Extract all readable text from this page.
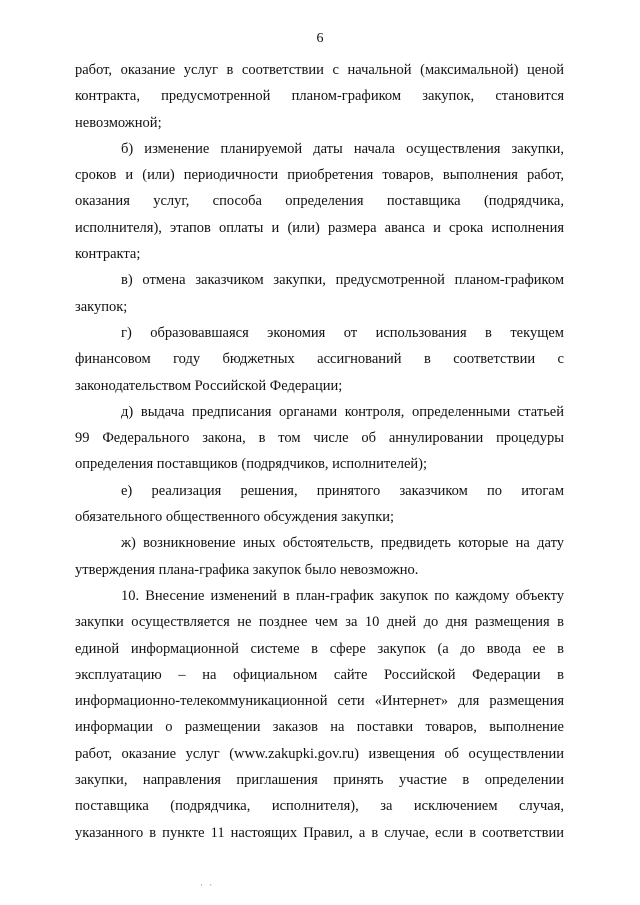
6
работ, оказание услуг в соответствии с начальной (максимальной) ценой
контракта, предусмотренной планом-графиком закупок, становится
невозможной;
б) изменение планируемой даты начала осуществления закупки,
сроков и (или) периодичности приобретения товаров, выполнения работ,
оказания услуг, способа определения поставщика (подрядчика,
исполнителя), этапов оплаты и (или) размера аванса и срока исполнения
контракта;
в) отмена заказчиком закупки, предусмотренной планом-графиком
закупок;
г) образовавшаяся экономия от использования в текущем
финансовом году бюджетных ассигнований в соответствии с
законодательством Российской Федерации;
д) выдача предписания органами контроля, определенными статьей
99 Федерального закона, в том числе об аннулировании процедуры
определения поставщиков (подрядчиков, исполнителей);
е) реализация решения, принятого заказчиком по итогам
обязательного общественного обсуждения закупки;
ж) возникновение иных обстоятельств, предвидеть которые на дату
утверждения плана-графика закупок было невозможно.
10. Внесение изменений в план-график закупок по каждому объекту
закупки осуществляется не позднее чем за 10 дней до дня размещения в
единой информационной системе в сфере закупок (а до ввода ее в
эксплуатацию – на официальном сайте Российской Федерации в
информационно-телекоммуникационной сети «Интернет» для размещения
информации о размещении заказов на поставки товаров, выполнение
работ, оказание услуг (www.zakupki.gov.ru) извещения об осуществлении
закупки, направления приглашения принять участие в определении
поставщика (подрядчика, исполнителя), за исключением случая,
указанного в пункте 11 настоящих Правил, а в случае, если в соответствии
· ·
